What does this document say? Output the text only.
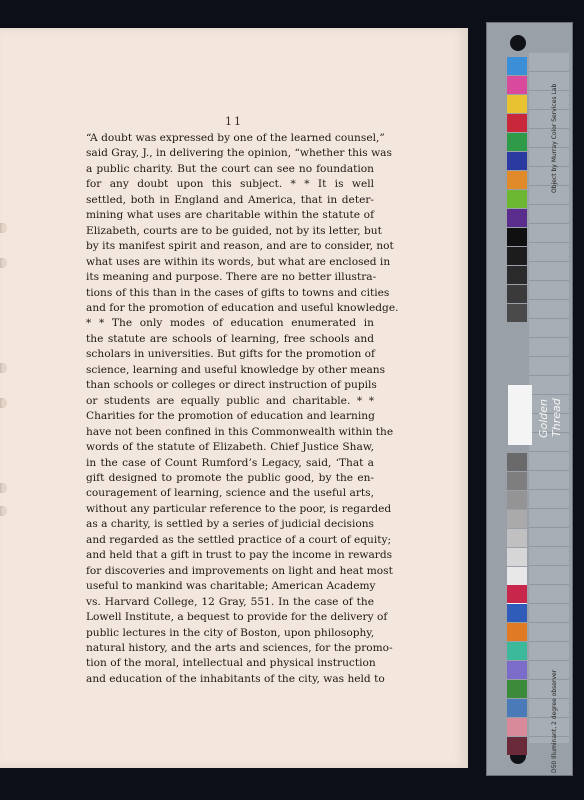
11
“A doubt was expressed by one of the learned counsel,”
said Gray, J., in delivering the opinion, “whether this was
a public charity. But the court can see no foundation
for any doubt upon this subject. * * It is well
settled, both in England and America, that in deter-
mining what uses are charitable within the statute of
Elizabeth, courts are to be guided, not by its letter, but
by its manifest spirit and reason, and are to consider, not
what uses are within its words, but what are enclosed in
its meaning and purpose. There are no better illustra-
tions of this than in the cases of gifts to towns and cities
and for the promotion of education and useful knowledge.
* * The only modes of education enumerated in
the statute are schools of learning, free schools and
scholars in universities. But gifts for the promotion of
science, learning and useful knowledge by other means
than schools or colleges or direct instruction of pupils
or students are equally public and charitable. * *
Charities for the promotion of education and learning
have not been confined in this Commonwealth within the
words of the statute of Elizabeth. Chief Justice Shaw,
in the case of Count Rumford’s Legacy, said, ‘That a
gift designed to promote the public good, by the en-
couragement of learning, science and the useful arts,
without any particular reference to the poor, is regarded
as a charity, is settled by a series of judicial decisions
and regarded as the settled practice of a court of equity;
and held that a gift in trust to pay the income in rewards
for discoveries and improvements on light and heat most
useful to mankind was charitable; American Academy
vs. Harvard College, 12 Gray, 551. In the case of the
Lowell Institute, a bequest to provide for the delivery of
public lectures in the city of Boston, upon philosophy,
natural history, and the arts and sciences, for the promo-
tion of the moral, intellectual and physical instruction
and education of the inhabitants of the city, was held to
Golden Thread
Object by Murray Color Services Lab
D50 Illuminant, 2 degree observer
